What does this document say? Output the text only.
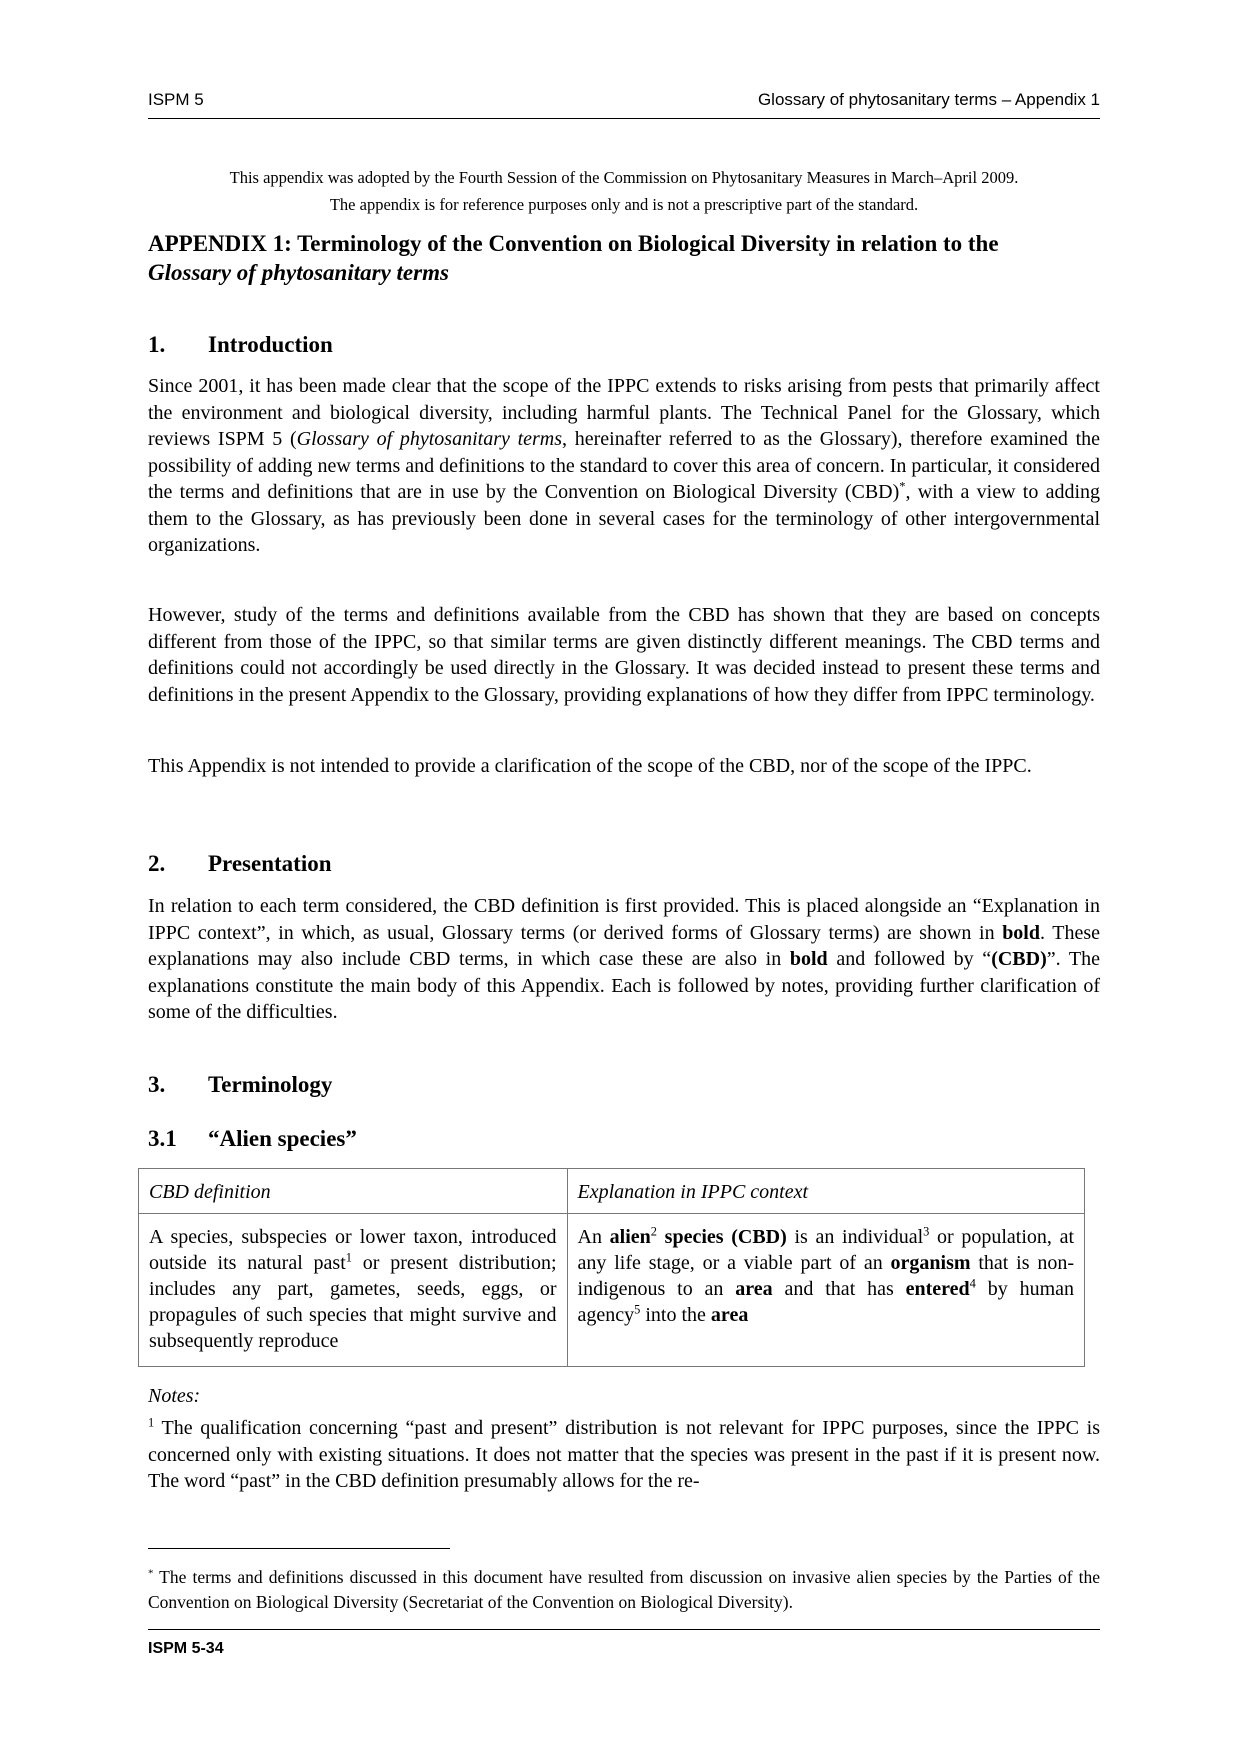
ISPM 5	Glossary of phytosanitary terms – Appendix 1
This appendix was adopted by the Fourth Session of the Commission on Phytosanitary Measures in March–April 2009.
The appendix is for reference purposes only and is not a prescriptive part of the standard.
APPENDIX 1: Terminology of the Convention on Biological Diversity in relation to the
Glossary of phytosanitary terms
1. Introduction
Since 2001, it has been made clear that the scope of the IPPC extends to risks arising from pests that primarily affect the environment and biological diversity, including harmful plants. The Technical Panel for the Glossary, which reviews ISPM 5 (Glossary of phytosanitary terms, hereinafter referred to as the Glossary), therefore examined the possibility of adding new terms and definitions to the standard to cover this area of concern. In particular, it considered the terms and definitions that are in use by the Convention on Biological Diversity (CBD)*, with a view to adding them to the Glossary, as has previously been done in several cases for the terminology of other intergovernmental organizations.
However, study of the terms and definitions available from the CBD has shown that they are based on concepts different from those of the IPPC, so that similar terms are given distinctly different meanings. The CBD terms and definitions could not accordingly be used directly in the Glossary. It was decided instead to present these terms and definitions in the present Appendix to the Glossary, providing explanations of how they differ from IPPC terminology.
This Appendix is not intended to provide a clarification of the scope of the CBD, nor of the scope of the IPPC.
2. Presentation
In relation to each term considered, the CBD definition is first provided. This is placed alongside an “Explanation in IPPC context”, in which, as usual, Glossary terms (or derived forms of Glossary terms) are shown in bold. These explanations may also include CBD terms, in which case these are also in bold and followed by “(CBD)”. The explanations constitute the main body of this Appendix. Each is followed by notes, providing further clarification of some of the difficulties.
3. Terminology
3.1 “Alien species”
CBD definition	Explanation in IPPC context
A species, subspecies or lower taxon, introduced outside its natural past$^1$ or present distribution; includes any part, gametes, seeds, eggs, or propagules of such species that might survive and subsequently reproduce	An alien$^2$ species (CBD) is an individual$^3$ or population, at any life stage, or a viable part of an organism that is non-indigenous to an area and that has entered$^4$ by human agency$^5$ into the area
Notes:
$^1$ The qualification concerning “past and present” distribution is not relevant for IPPC purposes, since the IPPC is concerned only with existing situations. It does not matter that the species was present in the past if it is present now. The word “past” in the CBD definition presumably allows for the re-
* The terms and definitions discussed in this document have resulted from discussion on invasive alien species by the Parties of the Convention on Biological Diversity (Secretariat of the Convention on Biological Diversity).
ISPM 5-34
